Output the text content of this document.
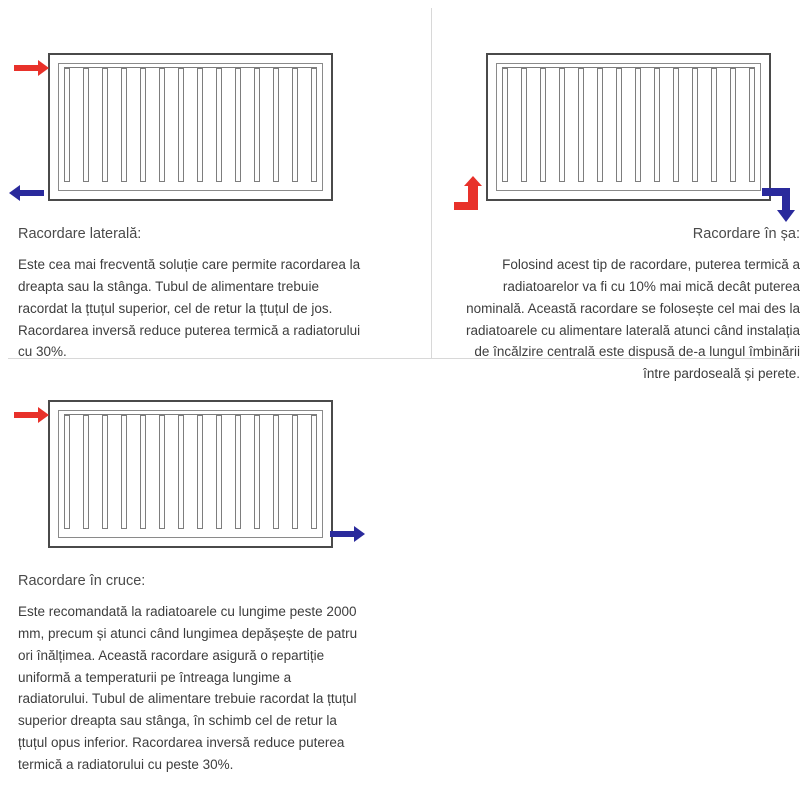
Racordare laterală:

Este cea mai frecventă soluție care permite racordarea la dreapta sau la stânga. Tubul de alimentare trebuie racordat la țtuțul superior, cel de retur la țtuțul de jos. Racordarea inversă reduce puterea termică a radiatorului cu 30%.

Racordare în șa:

Folosind acest tip de racordare, puterea termică a radiatoarelor va fi cu 10% mai mică decât puterea nominală. Această racordare se folosește cel mai des la radiatoarele cu alimentare laterală atunci când instalația de încălzire centrală este dispusă de-a lungul îmbinării între pardoseală și perete.

Racordare în cruce:

Este recomandată la radiatoarele cu lungime peste 2000 mm, precum și atunci când lungimea depășește de patru ori înălțimea. Această racordare asigură o repartiție uniformă a temperaturii pe întreaga lungime a radiatorului. Tubul de alimentare trebuie racordat la țtuțul superior dreapta sau stânga, în schimb cel de retur la țtuțul opus inferior. Racordarea inversă reduce puterea termică a radiatorului cu peste 30%.
